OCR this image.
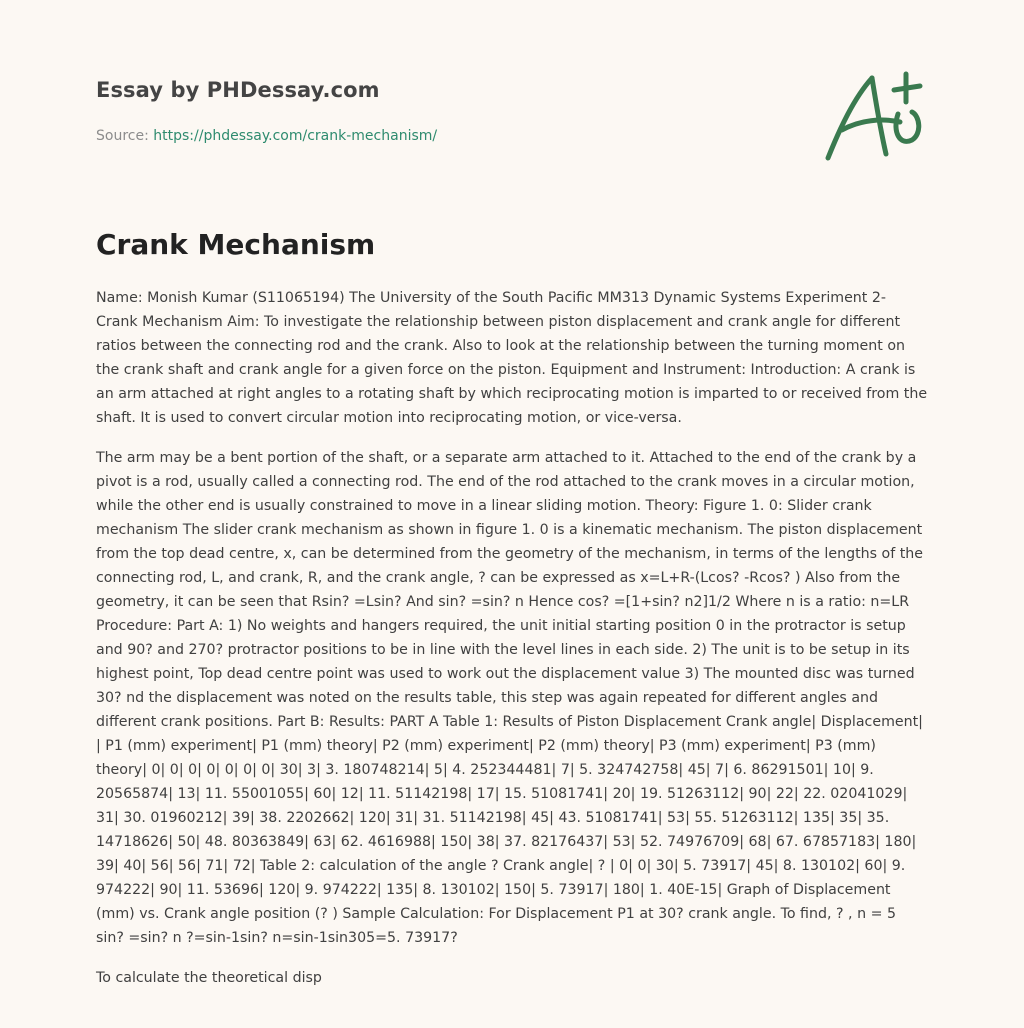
Essay by PHDessay.com
Source: https://phdessay.com/crank-mechanism/
Crank Mechanism

Name: Monish Kumar (S11065194) The University of the South Pacific MM313 Dynamic Systems Experiment 2- Crank Mechanism Aim: To investigate the relationship between piston displacement and crank angle for different ratios between the connecting rod and the crank. Also to look at the relationship between the turning moment on the crank shaft and crank angle for a given force on the piston. Equipment and Instrument: Introduction: A crank is an arm attached at right angles to a rotating shaft by which reciprocating motion is imparted to or received from the shaft. It is used to convert circular motion into reciprocating motion, or vice-versa.

The arm may be a bent portion of the shaft, or a separate arm attached to it. Attached to the end of the crank by a pivot is a rod, usually called a connecting rod. The end of the rod attached to the crank moves in a circular motion, while the other end is usually constrained to move in a linear sliding motion. Theory: Figure 1. 0: Slider crank mechanism The slider crank mechanism as shown in figure 1. 0 is a kinematic mechanism. The piston displacement from the top dead centre, x, can be determined from the geometry of the mechanism, in terms of the lengths of the connecting rod, L, and crank, R, and the crank angle, ? can be expressed as x=L+R-(Lcos? -Rcos? ) Also from the geometry, it can be seen that Rsin? =Lsin? And sin? =sin? n Hence cos? =[1+sin? n2]1/2 Where n is a ratio: n=LR Procedure: Part A: 1) No weights and hangers required, the unit initial starting position 0 in the protractor is setup and 90? and 270? protractor positions to be in line with the level lines in each side. 2) The unit is to be setup in its highest point, Top dead centre point was used to work out the displacement value 3) The mounted disc was turned 30? nd the displacement was noted on the results table, this step was again repeated for different angles and different crank positions. Part B: Results: PART A Table 1: Results of Piston Displacement Crank angle| Displacement| | P1 (mm) experiment| P1 (mm) theory| P2 (mm) experiment| P2 (mm) theory| P3 (mm) experiment| P3 (mm) theory| 0| 0| 0| 0| 0| 0| 0| 30| 3| 3. 180748214| 5| 4. 252344481| 7| 5. 324742758| 45| 7| 6. 86291501| 10| 9. 20565874| 13| 11. 55001055| 60| 12| 11. 51142198| 17| 15. 51081741| 20| 19. 51263112| 90| 22| 22. 02041029| 31| 30. 01960212| 39| 38. 2202662| 120| 31| 31. 51142198| 45| 43. 51081741| 53| 55. 51263112| 135| 35| 35. 14718626| 50| 48. 80363849| 63| 62. 4616988| 150| 38| 37. 82176437| 53| 52. 74976709| 68| 67. 67857183| 180| 39| 40| 56| 56| 71| 72| Table 2: calculation of the angle ? Crank angle| ? | 0| 0| 30| 5. 73917| 45| 8. 130102| 60| 9. 974222| 90| 11. 53696| 120| 9. 974222| 135| 8. 130102| 150| 5. 73917| 180| 1. 40E-15| Graph of Displacement (mm) vs. Crank angle position (? ) Sample Calculation: For Displacement P1 at 30? crank angle. To find, ? , n = 5 sin? =sin? n ?=sin-1sin? n=sin-1sin305=5. 73917?

To calculate the theoretical disp
